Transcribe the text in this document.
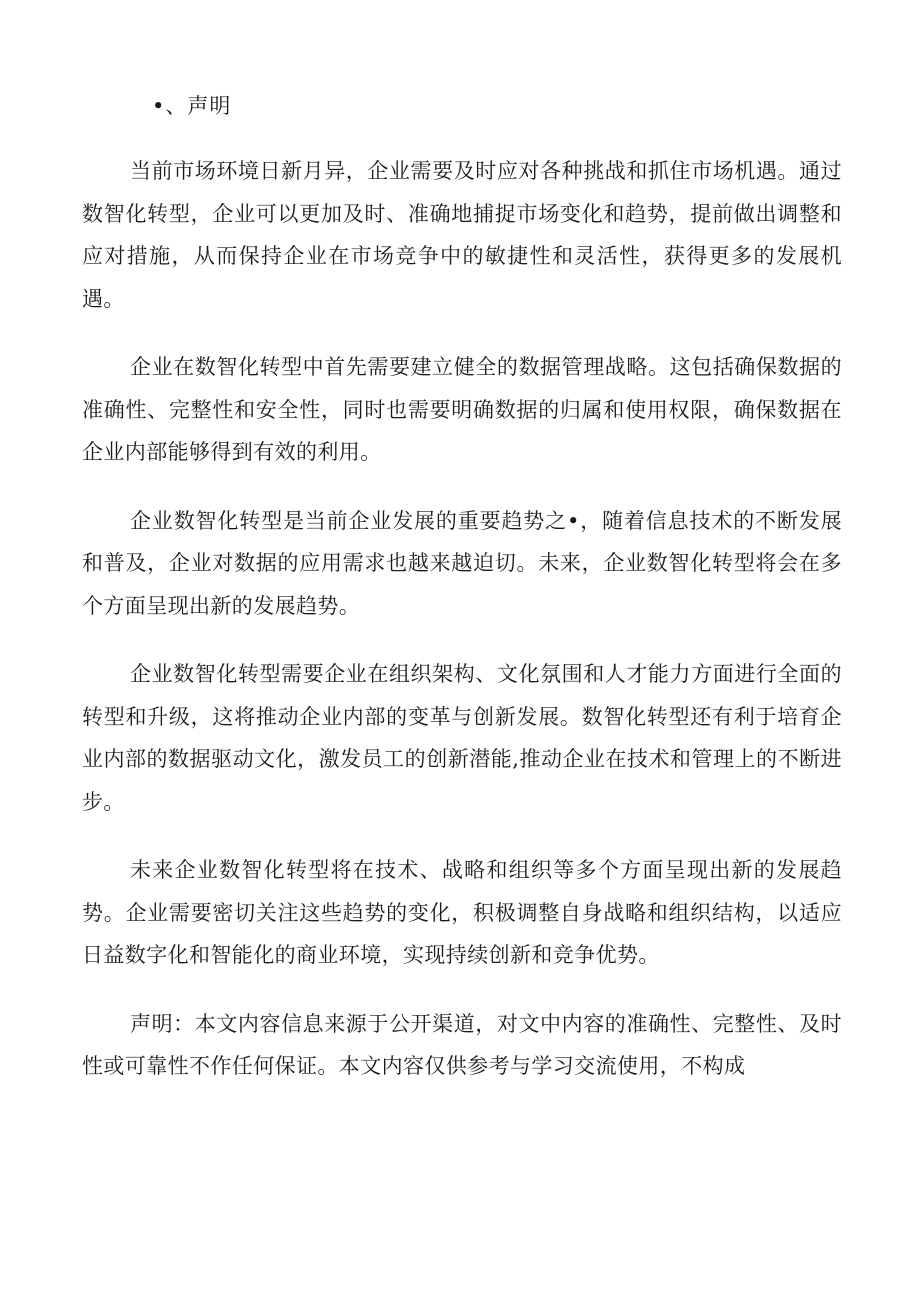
•、声明

当前市场环境日新月异，企业需要及时应对各种挑战和抓住市场机遇。通过数智化转型，企业可以更加及时、准确地捕捉市场变化和趋势，提前做出调整和应对措施，从而保持企业在市场竞争中的敏捷性和灵活性，获得更多的发展机遇。

企业在数智化转型中首先需要建立健全的数据管理战略。这包括确保数据的准确性、完整性和安全性，同时也需要明确数据的归属和使用权限，确保数据在企业内部能够得到有效的利用。

企业数智化转型是当前企业发展的重要趋势之•，随着信息技术的不断发展和普及，企业对数据的应用需求也越来越迫切。未来，企业数智化转型将会在多个方面呈现出新的发展趋势。

企业数智化转型需要企业在组织架构、文化氛围和人才能力方面进行全面的转型和升级，这将推动企业内部的变革与创新发展。数智化转型还有利于培育企业内部的数据驱动文化，激发员工的创新潜能,推动企业在技术和管理上的不断进步。

未来企业数智化转型将在技术、战略和组织等多个方面呈现出新的发展趋势。企业需要密切关注这些趋势的变化，积极调整自身战略和组织结构，以适应日益数字化和智能化的商业环境，实现持续创新和竞争优势。

声明：本文内容信息来源于公开渠道，对文中内容的准确性、完整性、及时性或可靠性不作任何保证。本文内容仅供参考与学习交流使用，不构成
